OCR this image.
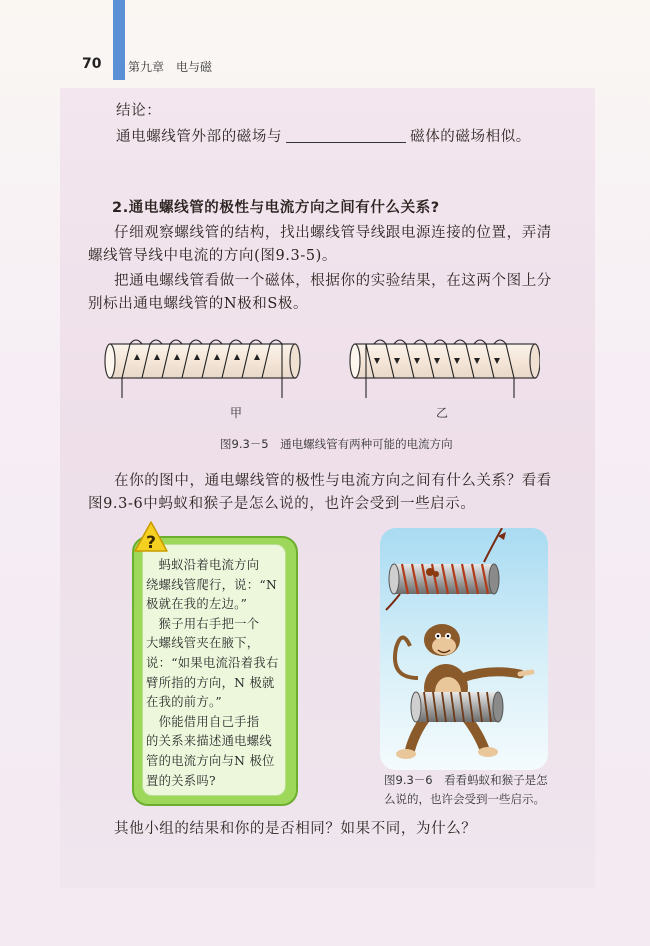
70 第九章　电与磁
结论：
通电螺线管外部的磁场与	磁体的磁场相似。
2.通电螺线管的极性与电流方向之间有什么关系?
仔细观察螺线管的结构，找出螺线管导线跟电源连接的位置，弄清
螺线管导线中电流的方向(图9.3-5)。
把通电螺线管看做一个磁体，根据你的实验结果，在这两个图上分
别标出通电螺线管的N极和S极。
甲	乙
图9.3－5　通电螺线管有两种可能的电流方向
在你的图中，通电螺线管的极性与电流方向之间有什么关系？看看
图9.3-6中蚂蚁和猴子是怎么说的，也许会受到一些启示。
?

　蚂蚁沿着电流方向

绕螺线管爬行，说：“N

极就在我的左边。”

　猴子用右手把一个

大螺线管夹在腋下，

说：“如果电流沿着我右

臂所指的方向，N 极就

在我的前方。”

　你能借用自己手指

的关系来描述通电螺线

管的电流方向与N 极位

置的关系吗?	图9.3－6　看看蚂蚁和猴子是怎
么说的，也许会受到一些启示。
其他小组的结果和你的是否相同？如果不同，为什么？
